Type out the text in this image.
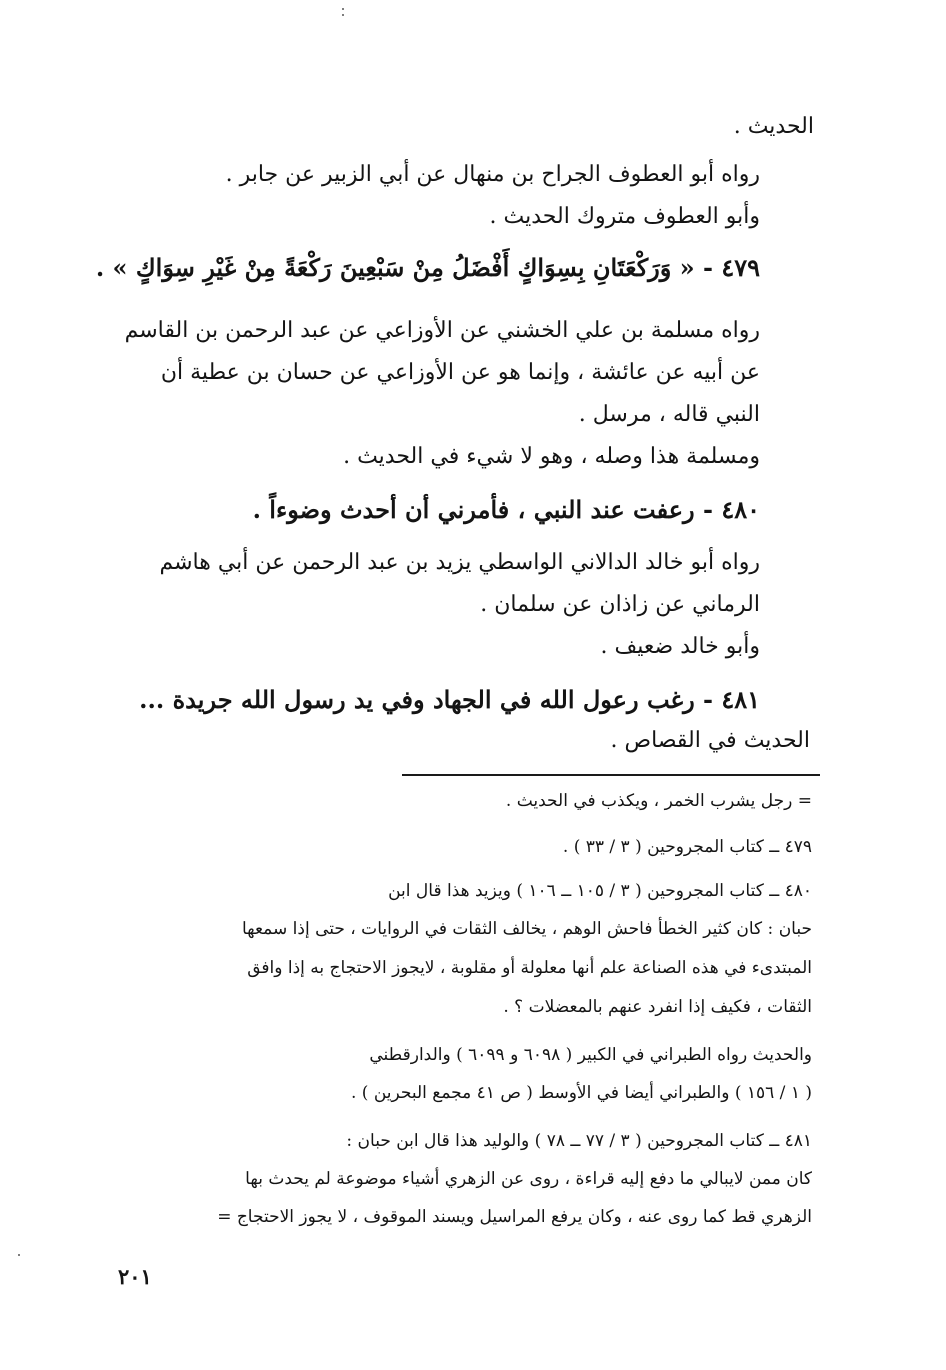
الحديث .
رواه أبو العطوف الجراح بن منهال عن أبي الزبير عن جابر .
وأبو العطوف متروك الحديث .
٤٧٩ - « وَرَكْعَتَانِ بِسِوَاكٍ أَفْضَلُ مِنْ سَبْعِينَ رَكْعَةً مِنْ غَيْرِ سِوَاكٍ » .
رواه مسلمة بن علي الخشني عن الأوزاعي عن عبد الرحمن بن القاسم
عن أبيه عن عائشة ، وإنما هو عن الأوزاعي عن حسان بن عطية أن
النبي قاله ، مرسل .
ومسلمة هذا وصله ، وهو لا شيء في الحديث .
٤٨٠ - رعفت عند النبي ، فأمرني أن أحدث وضوءاً .
رواه أبو خالد الدالاني الواسطي يزيد بن عبد الرحمن عن أبي هاشم
الرماني عن زاذان عن سلمان .
وأبو خالد ضعيف .
٤٨١ - رغب رعول الله في الجهاد وفي يد رسول الله جريدة ...
الحديث في القصاص .
= رجل يشرب الخمر ، ويكذب في الحديث .
٤٧٩ ــ كتاب المجروحين ( ٣ / ٣٣ ) .
٤٨٠ ــ كتاب المجروحين ( ٣ / ١٠٥ ــ ١٠٦ ) ويزيد هذا قال ابن
حبان : كان كثير الخطأ فاحش الوهم ، يخالف الثقات في الروايات ، حتى إذا سمعها
المبتدىء في هذه الصناعة علم أنها معلولة أو مقلوبة ، لايجوز الاحتجاج به إذا وافق
الثقات ، فكيف إذا انفرد عنهم بالمعضلات ؟ .
والحديث رواه الطبراني في الكبير ( ٦٠٩٨ و ٦٠٩٩ ) والدارقطني
( ١ / ١٥٦ ) والطبراني أيضا في الأوسط ( ص ٤١ مجمع البحرين ) .
٤٨١ ــ كتاب المجروحين ( ٣ / ٧٧ ــ ٧٨ ) والوليد هذا قال ابن حبان :
كان ممن لايبالي ما دفع إليه قراءة ، روى عن الزهري أشياء موضوعة لم يحدث بها
الزهري قط كما روى عنه ، وكان يرفع المراسيل ويسند الموقوف ، لا يجوز الاحتجاج =
٢٠١
